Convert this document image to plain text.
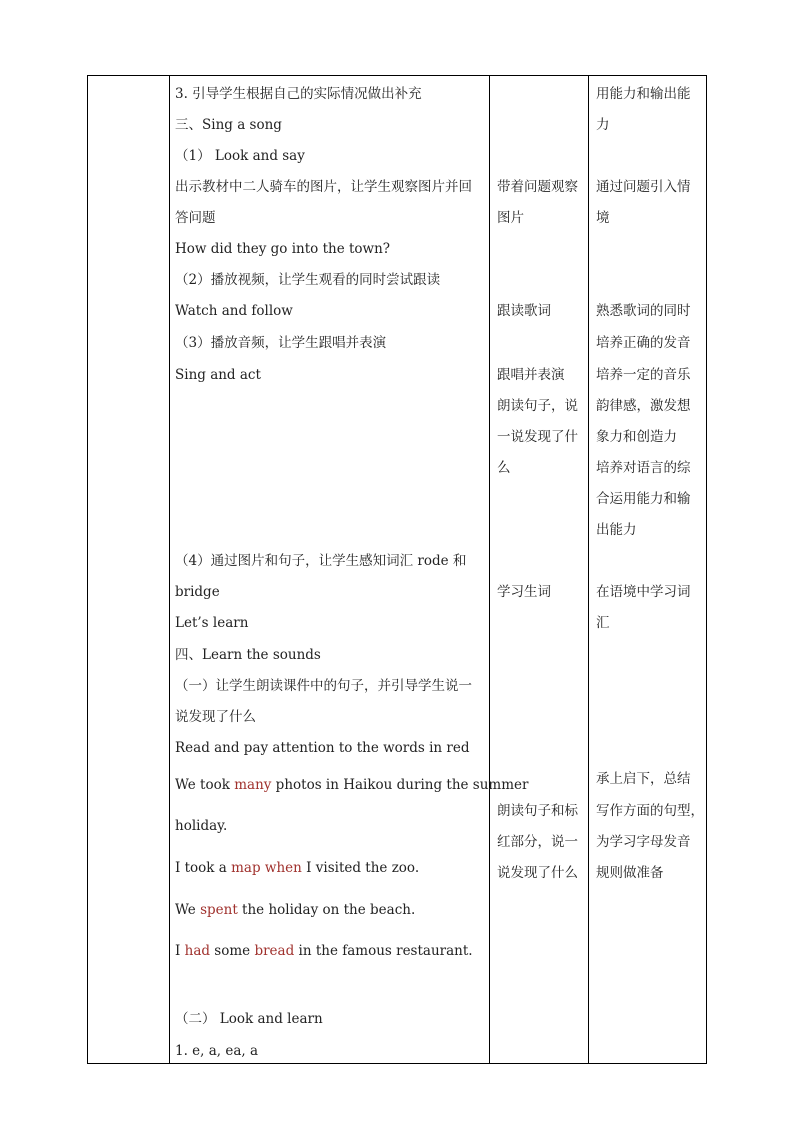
3. 引导学生根据自己的实际情况做出补充
三、Sing a song
（1） Look and say
出示教材中二人骑车的图片，让学生观察图片并回
答问题
How did they go into the town?
（2）播放视频，让学生观看的同时尝试跟读
Watch and follow
（3）播放音频，让学生跟唱并表演
Sing and act
（4）通过图片和句子，让学生感知词汇 rode 和
bridge
Let’s learn
四、Learn the sounds
（一）让学生朗读课件中的句子，并引导学生说一
说发现了什么
Read and pay attention to the words in red
We took many photos in Haikou during the summer
holiday.
I took a map when I visited the zoo.
We spent the holiday on the beach.
I had some bread in the famous restaurant.
（二） Look and learn
1. e, a, ea, a
带着问题观察
图片
跟读歌词
跟唱并表演
朗读句子，说
一说发现了什
么
学习生词
朗读句子和标
红部分，说一
说发现了什么
用能力和输出能
力
通过问题引入情
境
熟悉歌词的同时
培养正确的发音
培养一定的音乐
韵律感，激发想
象力和创造力
培养对语言的综
合运用能力和输
出能力
在语境中学习词
汇
承上启下，总结
写作方面的句型，
为学习字母发音
规则做准备
